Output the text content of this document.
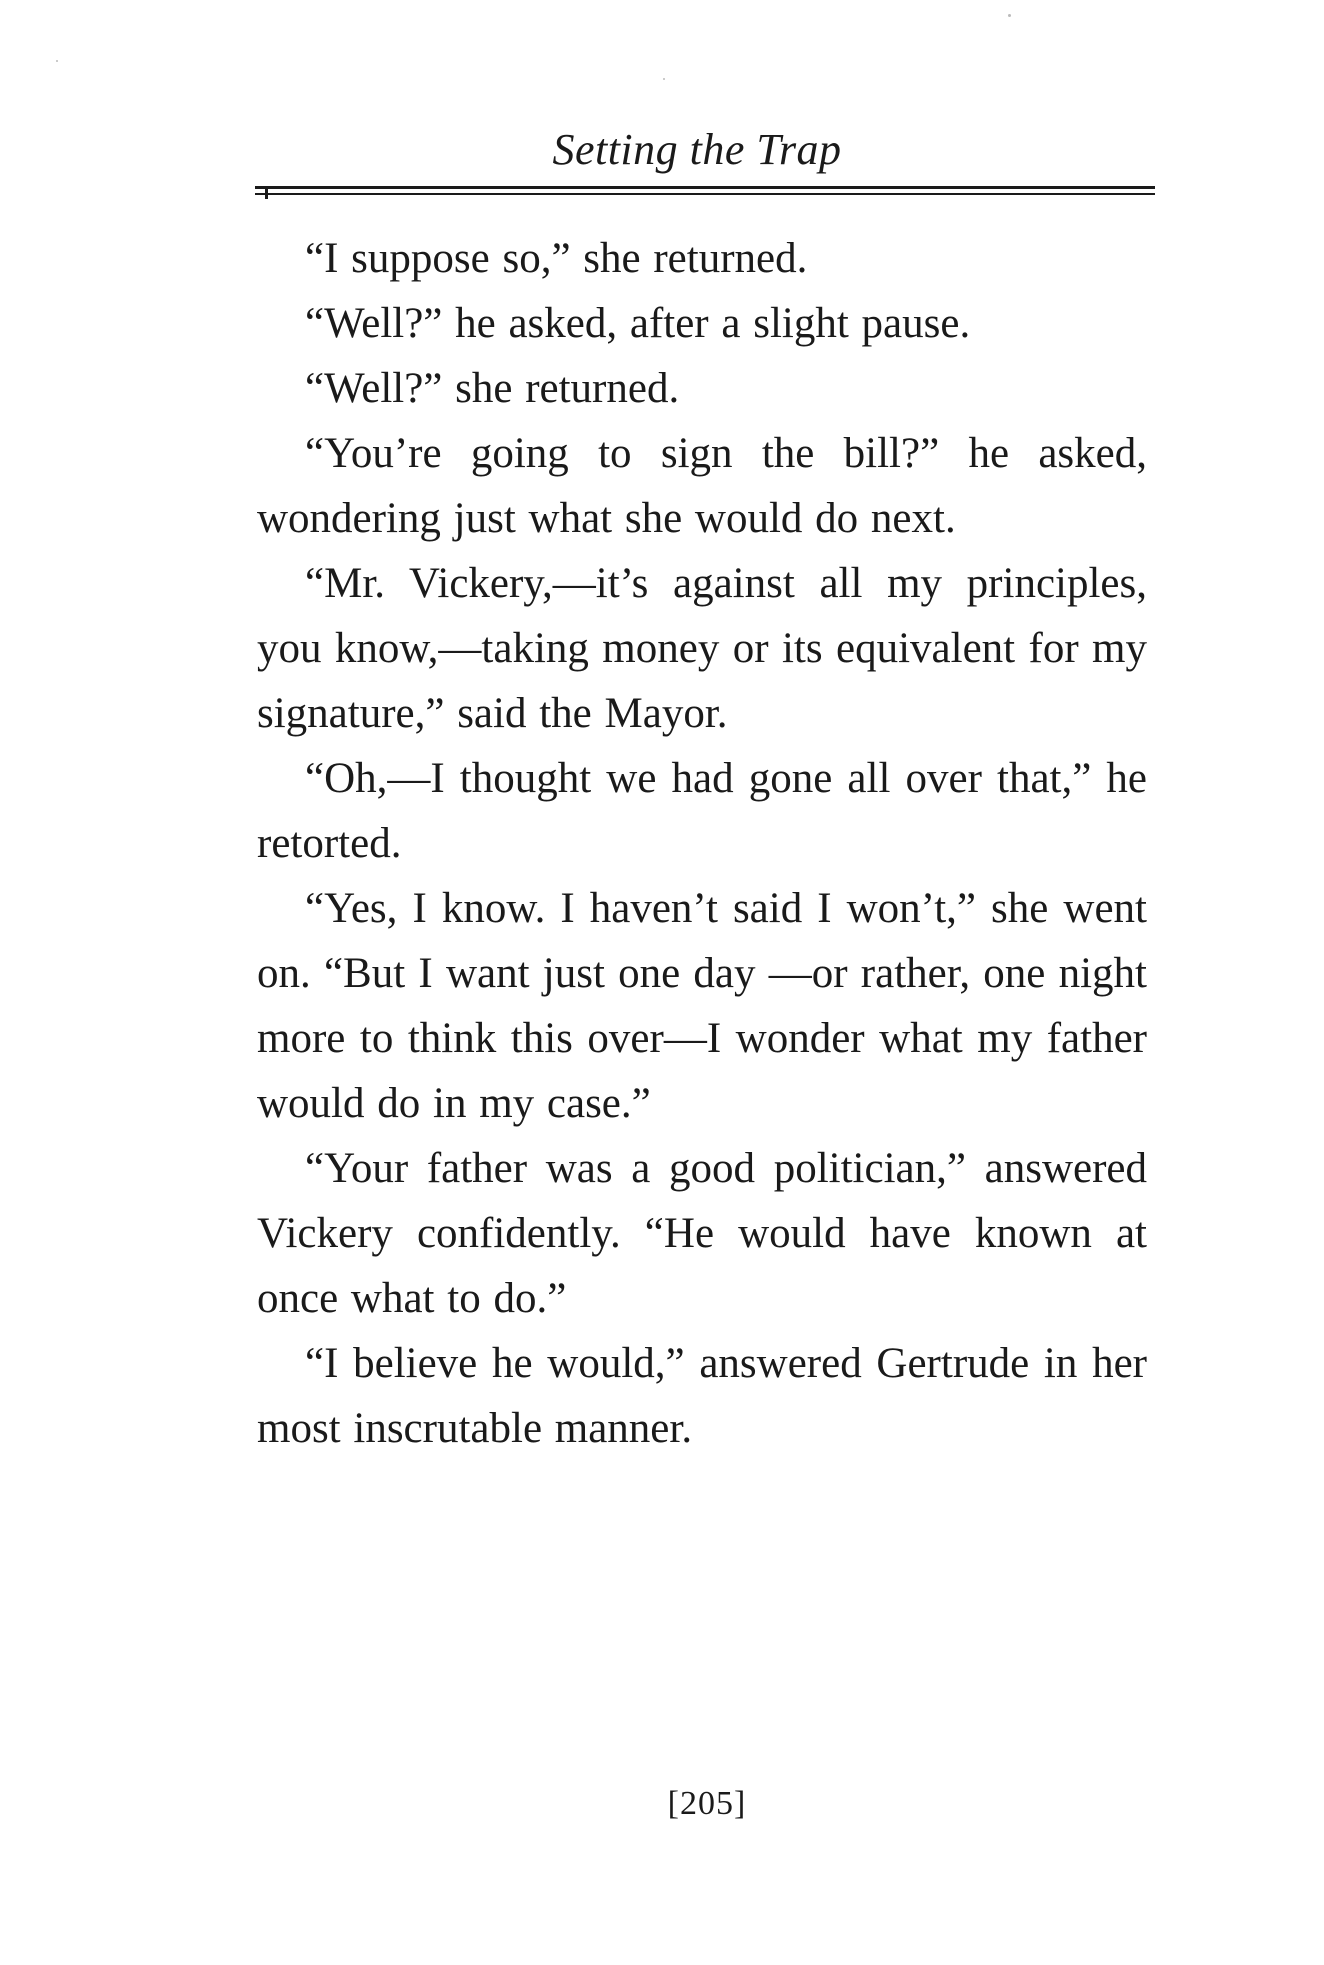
Setting the Trap

“I suppose so,” she returned.

“Well?” he asked, after a slight pause.

“Well?” she returned.

“You’re going to sign the bill?” he asked, wondering just what she would do next.

“Mr. Vickery,—it’s against all my principles, you know,—taking money or its equivalent for my signature,” said the Mayor.

“Oh,—I thought we had gone all over that,” he retorted.

“Yes, I know. I haven’t said I won’t,” she went on. “But I want just one day —or rather, one night more to think this over—I wonder what my father would do in my case.”

“Your father was a good politician,” answered Vickery confidently. “He would have known at once what to do.”

“I believe he would,” answered Gertrude in her most inscrutable manner.

[205]
